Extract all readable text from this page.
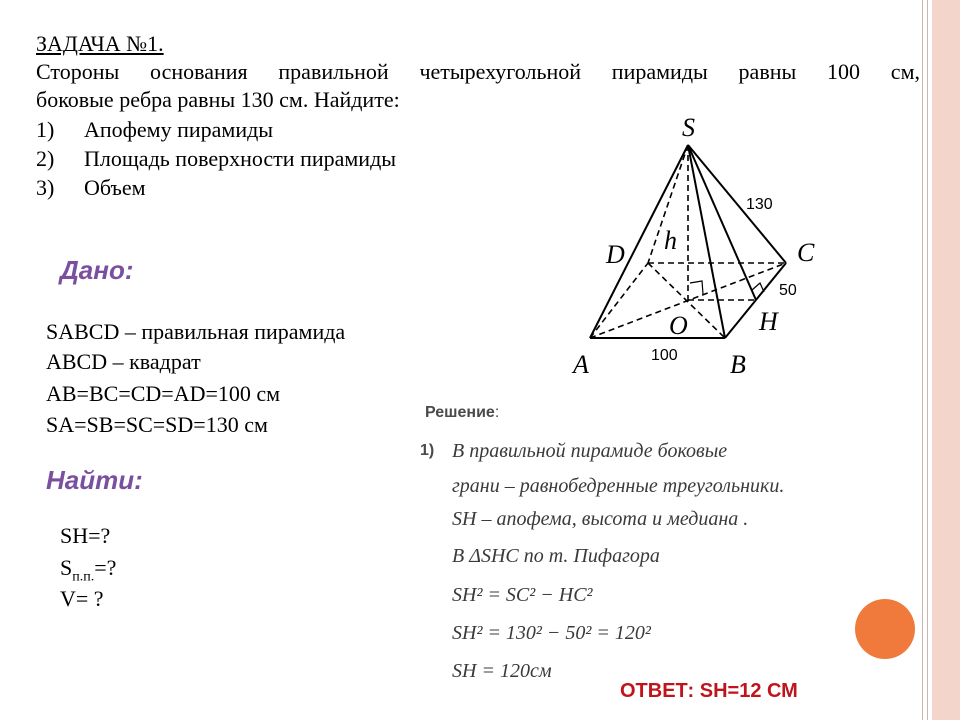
ЗАДАЧА №1.
Стороны основания правильной четырехугольной пирамиды равны 100 см,
боковые ребра равны 130 см. Найдите:
1) Апофему пирамиды
2) Площадь поверхности пирамиды
3) Объем
Дано:
SABCD – правильная пирамида
ABCD – квадрат
AB=BC=CD=AD=100 см
SA=SB=SC=SD=130 см
Найти:
SH=?
$S_{п.п.}=$?
V= ?
S
D	C
A	B
O	H
h
130
50
100
Решение:
1) В правильной пирамиде боковые
грани – равнобедренные треугольники.
SH – апофема, высота и медиана .
В ΔSHC по т. Пифагора
SH² = SC² − HC²
SH² = 130² − 50² = 120²
SH = 120см
ОТВЕТ: SH=12 СМ
